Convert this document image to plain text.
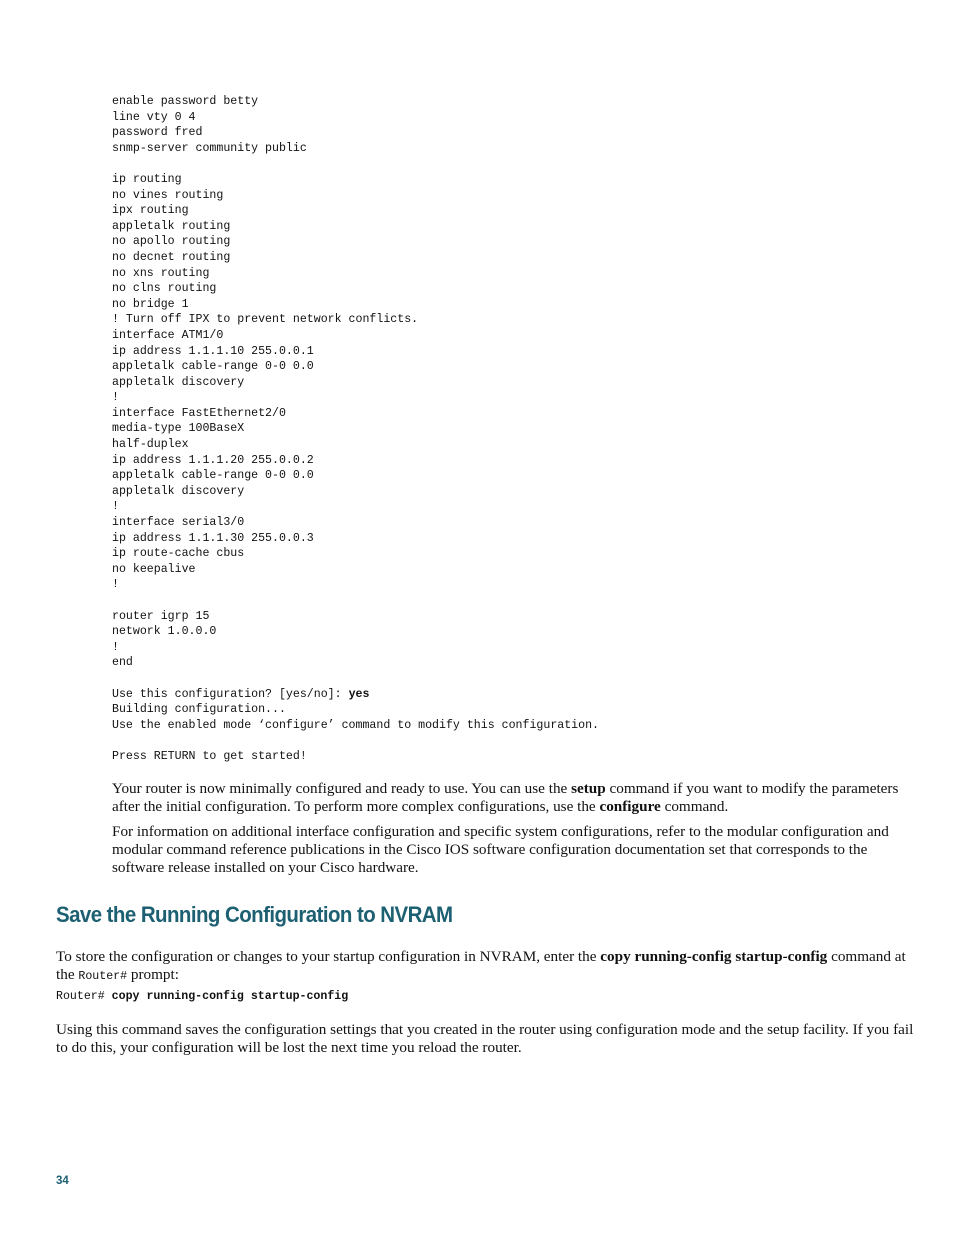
enable password betty
line vty 0 4
password fred
snmp-server community public
ip routing
no vines routing
ipx routing
appletalk routing
no apollo routing
no decnet routing
no xns routing
no clns routing
no bridge 1
! Turn off IPX to prevent network conflicts.
interface ATM1/0
ip address 1.1.1.10 255.0.0.1
appletalk cable-range 0-0 0.0
appletalk discovery
!
interface FastEthernet2/0
media-type 100BaseX
half-duplex
ip address 1.1.1.20 255.0.0.2
appletalk cable-range 0-0 0.0
appletalk discovery
!
interface serial3/0
ip address 1.1.1.30 255.0.0.3
ip route-cache cbus
no keepalive
!
router igrp 15
network 1.0.0.0
!
end
Use this configuration? [yes/no]: yes
Building configuration...
Use the enabled mode ‘configure’ command to modify this configuration.
Press RETURN to get started!

Your router is now minimally configured and ready to use. You can use the setup command if you want to modify the parameters after the initial configuration. To perform more complex configurations, use the configure command.

For information on additional interface configuration and specific system configurations, refer to the modular configuration and modular command reference publications in the Cisco IOS software configuration documentation set that corresponds to the software release installed on your Cisco hardware.

Save the Running Configuration to NVRAM

To store the configuration or changes to your startup configuration in NVRAM, enter the copy running-config startup-config command at the Router# prompt:

Router# copy running-config startup-config

Using this command saves the configuration settings that you created in the router using configuration mode and the setup facility. If you fail to do this, your configuration will be lost the next time you reload the router.

34
